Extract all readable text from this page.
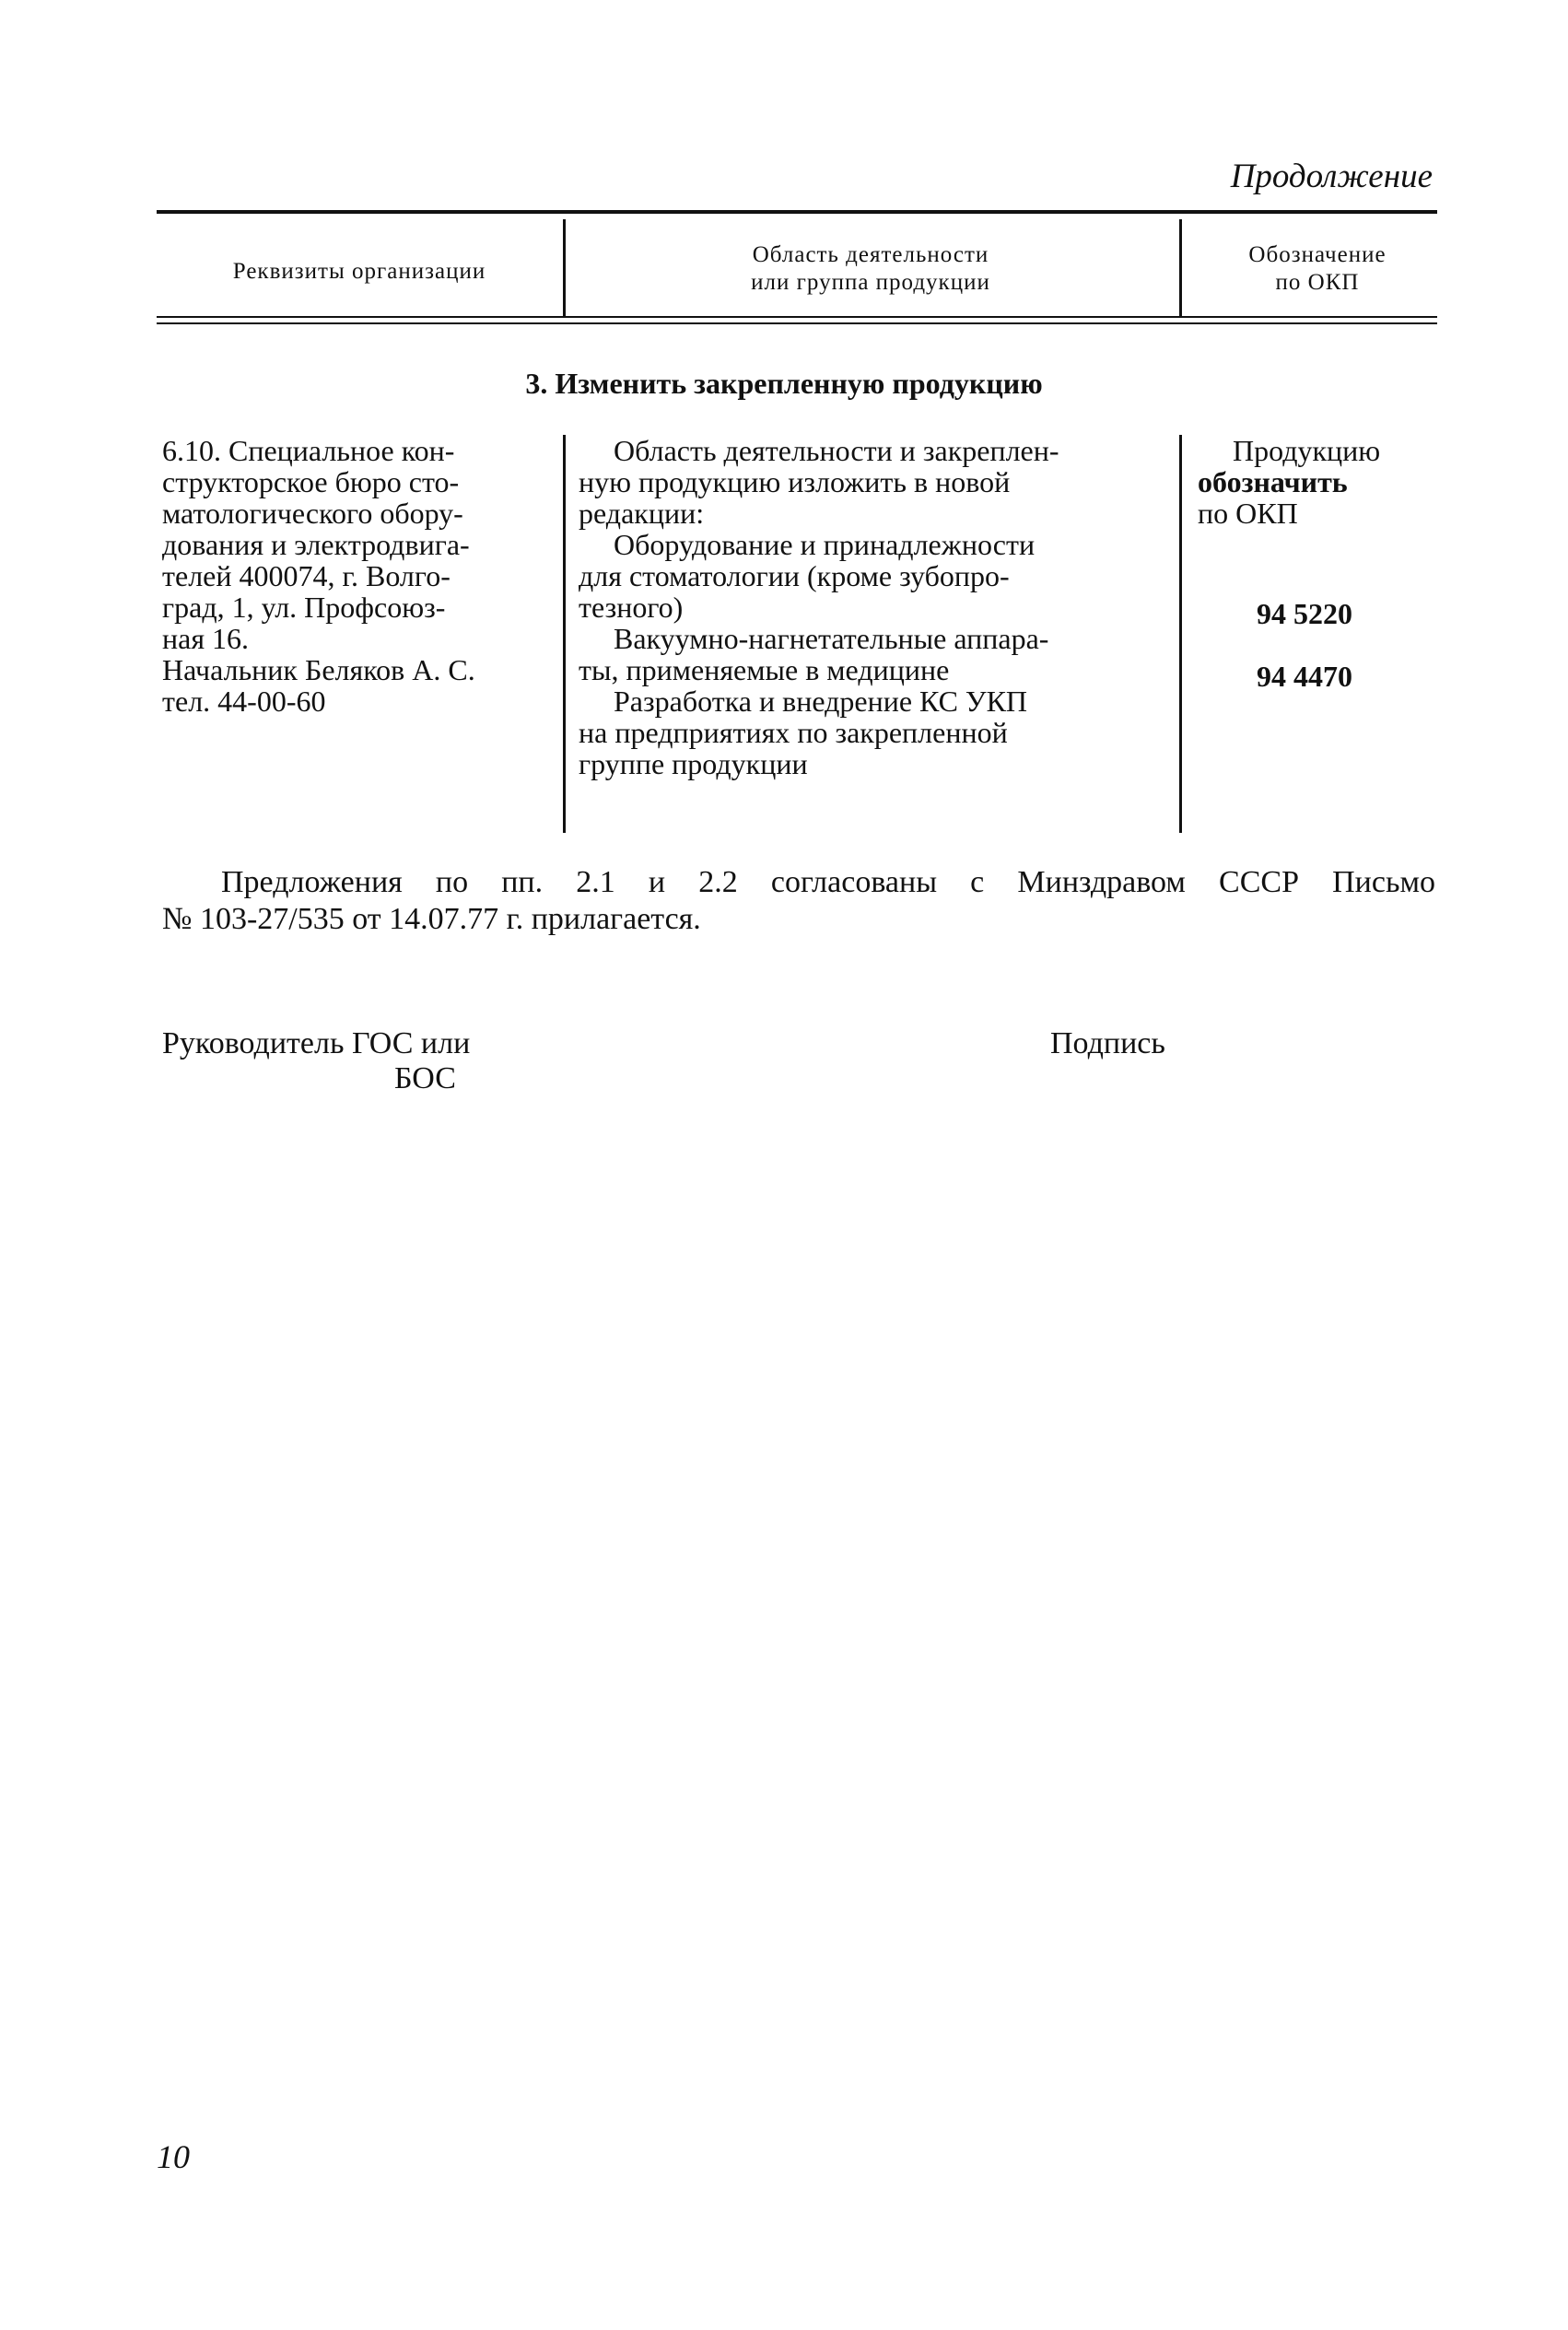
Продолжение
Реквизиты организации
Область деятельности
или группа продукции
Обозначение
по ОКП
3. Изменить закрепленную продукцию
6.10. Специальное кон-
структорское бюро сто-
матологического обору-
дования и электродвига-
телей 400074, г. Волго-
град, 1, ул. Профсоюз-
ная 16.
Начальник Беляков А. С.
тел. 44-00-60
Область деятельности и закреплен-
ную продукцию изложить в новой
редакции:
Оборудование и принадлежности
для стоматологии (кроме зубопро-
тезного)
Вакуумно-нагнетательные аппара-
ты, применяемые в медицине
Разработка и внедрение КС УКП
на предприятиях по закрепленной
группе продукции
Продукцию
обозначить
по ОКП
94 5220
94 4470
Предложения по пп. 2.1 и 2.2 согласованы с Минздравом СССР Письмо
№ 103-27/535 от 14.07.77 г. прилагается.
Руководитель ГОС или
БОС
Подпись
10
